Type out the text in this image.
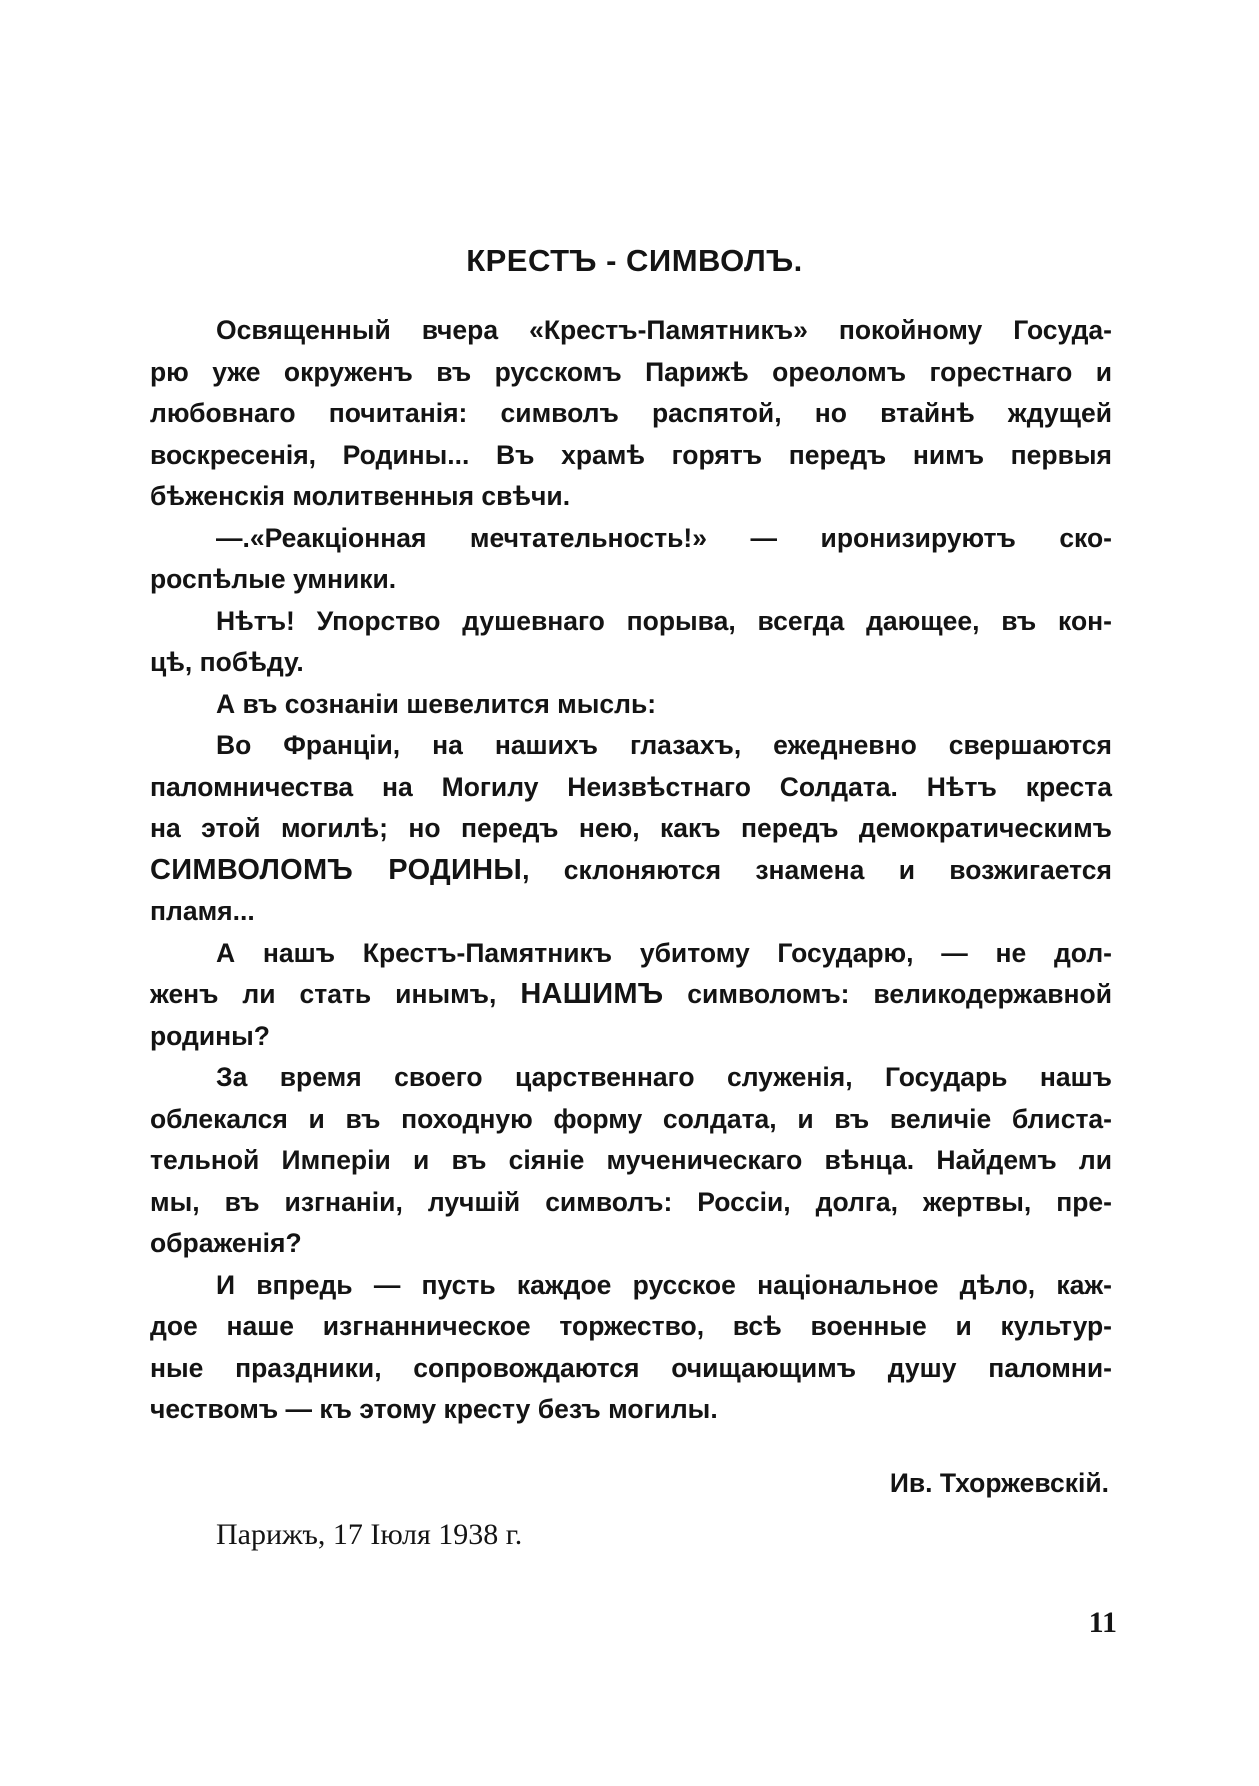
КРЕСТЪ - СИМВОЛЪ.
Освященный вчера «Крестъ-Памятникъ» покойному Госуда-
рю уже окруженъ въ русскомъ Парижѣ ореоломъ горестнаго и
любовнаго почитанія: символъ распятой, но втайнѣ ждущей
воскресенія, Родины... Въ храмѣ горятъ передъ нимъ первыя
бѣженскія молитвенныя свѣчи.
—.«Реакціонная мечтательность!» — иронизируютъ ско-
роспѣлые умники.
Нѣтъ! Упорство душевнаго порыва, всегда дающее, въ кон-
цѣ, побѣду.
А въ сознаніи шевелится мысль:
Во Франціи, на нашихъ глазахъ, ежедневно свершаются
паломничества на Могилу Неизвѣстнаго Солдата. Нѣтъ креста
на этой могилѣ; но передъ нею, какъ передъ демократическимъ
СИМВОЛОМЪ РОДИНЫ, склоняются знамена и возжигается
пламя...
А нашъ Крестъ-Памятникъ убитому Государю, — не дол-
женъ ли стать инымъ, НАШИМЪ символомъ: великодержавной
родины?
За время своего царственнаго служенія, Государь нашъ
облекался и въ походную форму солдата, и въ величіе блиста-
тельной Имперіи и въ сіяніе мученическаго вѣнца. Найдемъ ли
мы, въ изгнаніи, лучшій символъ: Россіи, долга, жертвы, пре-
ображенія?
И впредь — пусть каждое русское національное дѣло, каж-
дое наше изгнанническое торжество, всѣ военные и культур-
ные праздники, сопровождаются очищающимъ душу паломни-
чествомъ — къ этому кресту безъ могилы.

Ив. Тхоржевскій.

Парижъ, 17 Іюля 1938 г.

11
